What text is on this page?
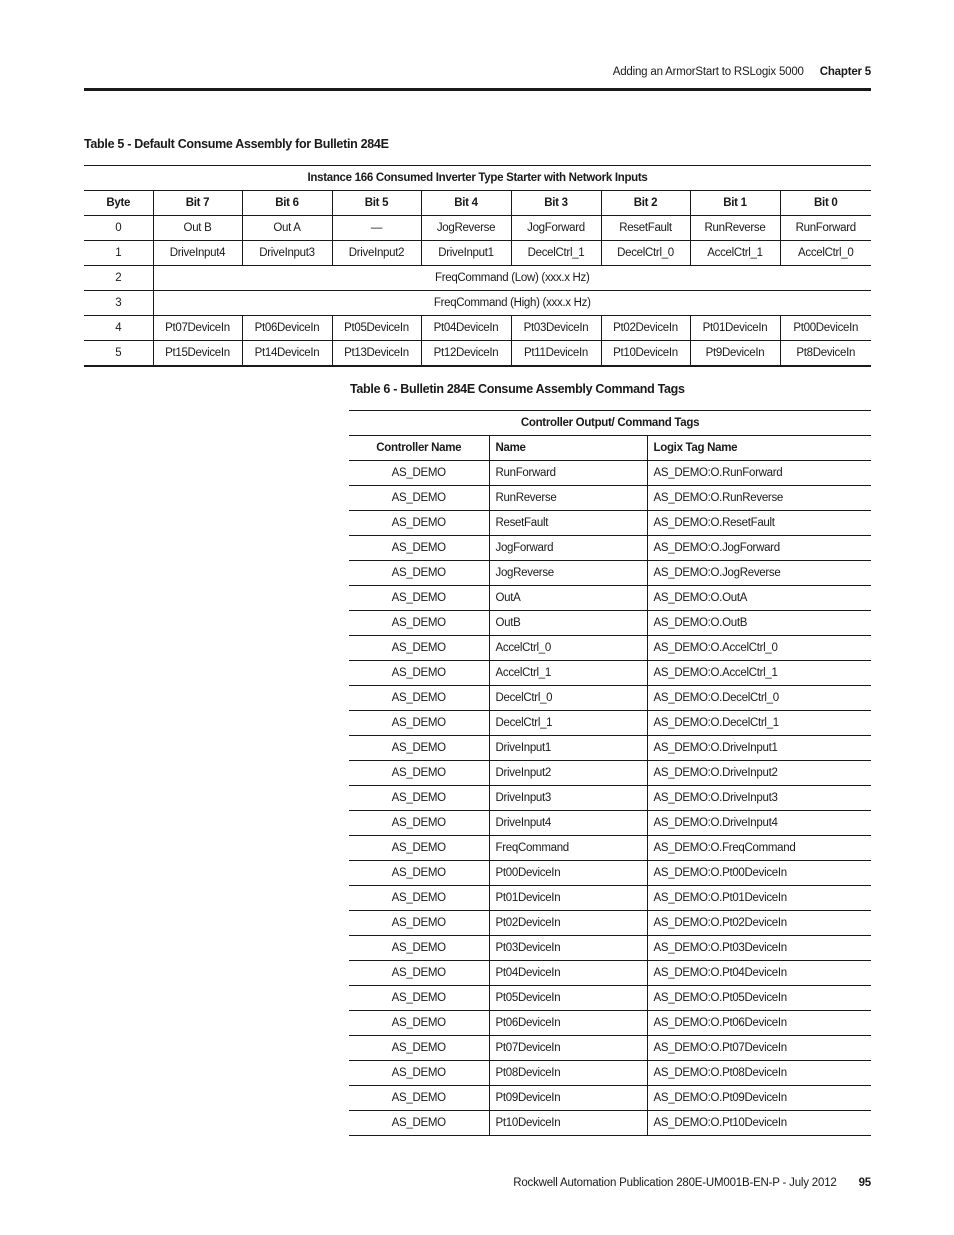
Adding an ArmorStart to RSLogix 5000 Chapter 5
Table 5 - Default Consume Assembly for Bulletin 284E
Instance 166 Consumed Inverter Type Starter with Network Inputs								
Byte	Bit 7	Bit 6	Bit 5	Bit 4	Bit 3	Bit 2	Bit 1	Bit 0
0	Out B	Out A	—	JogReverse	JogForward	ResetFault	RunReverse	RunForward
1	DriveInput4	DriveInput3	DriveInput2	DriveInput1	DecelCtrl_1	DecelCtrl_0	AccelCtrl_1	AccelCtrl_0
2	FreqCommand (Low) (xxx.x Hz)							
3	FreqCommand (High) (xxx.x Hz)							
4	Pt07DeviceIn	Pt06DeviceIn	Pt05DeviceIn	Pt04DeviceIn	Pt03DeviceIn	Pt02DeviceIn	Pt01DeviceIn	Pt00DeviceIn
5	Pt15DeviceIn	Pt14DeviceIn	Pt13DeviceIn	Pt12DeviceIn	Pt11DeviceIn	Pt10DeviceIn	Pt9DeviceIn	Pt8DeviceIn
Table 6 - Bulletin 284E Consume Assembly Command Tags
Controller Output/ Command Tags		
Controller Name	Name	Logix Tag Name
AS_DEMO	RunForward	AS_DEMO:O.RunForward
AS_DEMO	RunReverse	AS_DEMO:O.RunReverse
AS_DEMO	ResetFault	AS_DEMO:O.ResetFault
AS_DEMO	JogForward	AS_DEMO:O.JogForward
AS_DEMO	JogReverse	AS_DEMO:O.JogReverse
AS_DEMO	OutA	AS_DEMO:O.OutA
AS_DEMO	OutB	AS_DEMO:O.OutB
AS_DEMO	AccelCtrl_0	AS_DEMO:O.AccelCtrl_0
AS_DEMO	AccelCtrl_1	AS_DEMO:O.AccelCtrl_1
AS_DEMO	DecelCtrl_0	AS_DEMO:O.DecelCtrl_0
AS_DEMO	DecelCtrl_1	AS_DEMO:O.DecelCtrl_1
AS_DEMO	DriveInput1	AS_DEMO:O.DriveInput1
AS_DEMO	DriveInput2	AS_DEMO:O.DriveInput2
AS_DEMO	DriveInput3	AS_DEMO:O.DriveInput3
AS_DEMO	DriveInput4	AS_DEMO:O.DriveInput4
AS_DEMO	FreqCommand	AS_DEMO:O.FreqCommand
AS_DEMO	Pt00DeviceIn	AS_DEMO:O.Pt00DeviceIn
AS_DEMO	Pt01DeviceIn	AS_DEMO:O.Pt01DeviceIn
AS_DEMO	Pt02DeviceIn	AS_DEMO:O.Pt02DeviceIn
AS_DEMO	Pt03DeviceIn	AS_DEMO:O.Pt03DeviceIn
AS_DEMO	Pt04DeviceIn	AS_DEMO:O.Pt04DeviceIn
AS_DEMO	Pt05DeviceIn	AS_DEMO:O.Pt05DeviceIn
AS_DEMO	Pt06DeviceIn	AS_DEMO:O.Pt06DeviceIn
AS_DEMO	Pt07DeviceIn	AS_DEMO:O.Pt07DeviceIn
AS_DEMO	Pt08DeviceIn	AS_DEMO:O.Pt08DeviceIn
AS_DEMO	Pt09DeviceIn	AS_DEMO:O.Pt09DeviceIn
AS_DEMO	Pt10DeviceIn	AS_DEMO:O.Pt10DeviceIn
Rockwell Automation Publication 280E-UM001B-EN-P - July 2012 95
